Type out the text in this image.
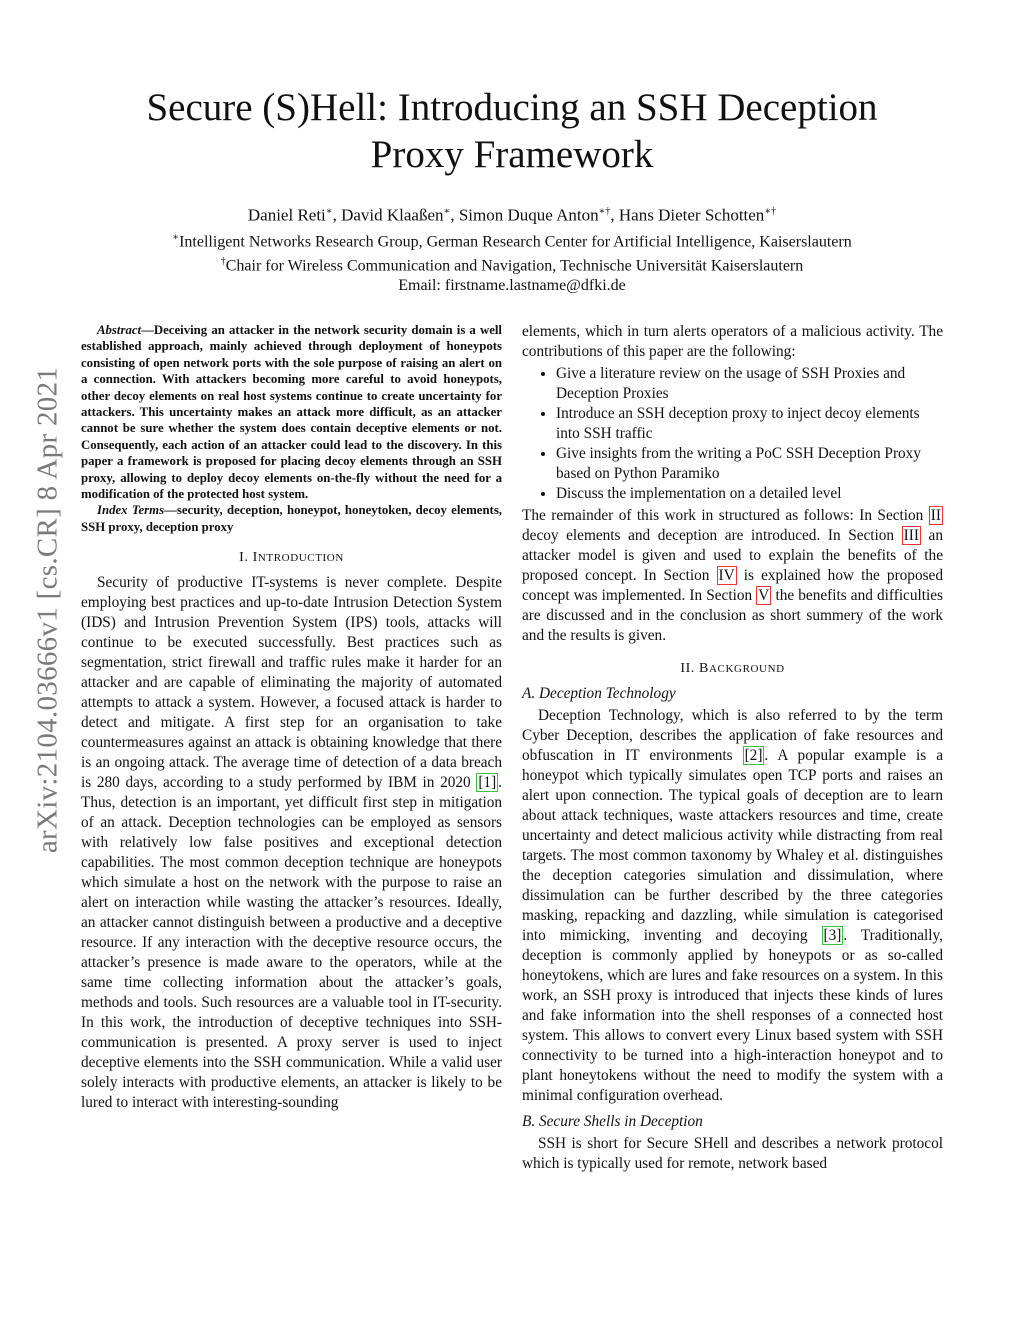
arXiv:2104.03666v1 [cs.CR] 8 Apr 2021
Secure (S)Hell: Introducing an SSH Deception
Proxy Framework
Daniel Reti∗, David Klaaßen∗, Simon Duque Anton∗†, Hans Dieter Schotten∗†
∗Intelligent Networks Research Group, German Research Center for Artificial Intelligence, Kaiserslautern
†Chair for Wireless Communication and Navigation, Technische Universität Kaiserslautern
Email: firstname.lastname@dfki.de

Abstract—Deceiving an attacker in the network security domain is a well established approach, mainly achieved through deployment of honeypots consisting of open network ports with the sole purpose of raising an alert on a connection. With attackers becoming more careful to avoid honeypots, other decoy elements on real host systems continue to create uncertainty for attackers. This uncertainty makes an attack more difficult, as an attacker cannot be sure whether the system does contain deceptive elements or not. Consequently, each action of an attacker could lead to the discovery. In this paper a framework is proposed for placing decoy elements through an SSH proxy, allowing to deploy decoy elements on-the-fly without the need for a modification of the protected host system.

Index Terms—security, deception, honeypot, honeytoken, decoy elements, SSH proxy, deception proxy

I. INTRODUCTION

Security of productive IT-systems is never complete. Despite employing best practices and up-to-date Intrusion Detection System (IDS) and Intrusion Prevention System (IPS) tools, attacks will continue to be executed successfully. Best practices such as segmentation, strict firewall and traffic rules make it harder for an attacker and are capable of eliminating the majority of automated attempts to attack a system. However, a focused attack is harder to detect and mitigate. A first step for an organisation to take countermeasures against an attack is obtaining knowledge that there is an ongoing attack. The average time of detection of a data breach is 280 days, according to a study performed by IBM in 2020 [1] . Thus, detection is an important, yet difficult first step in mitigation of an attack. Deception technologies can be employed as sensors with relatively low false positives and exceptional detection capabilities. The most common deception technique are honeypots which simulate a host on the network with the purpose to raise an alert on interaction while wasting the attacker’s resources. Ideally, an attacker cannot distinguish between a productive and a deceptive resource. If any interaction with the deceptive resource occurs, the attacker’s presence is made aware to the operators, while at the same time collecting information about the attacker’s goals, methods and tools. Such resources are a valuable tool in IT-security. In this work, the introduction of deceptive techniques into SSH-communication is presented. A proxy server is used to inject deceptive elements into the SSH communication. While a valid user solely interacts with productive elements, an attacker is likely to be lured to interact with interesting-sounding

elements, which in turn alerts operators of a malicious activity. The contributions of this paper are the following:

• Give a literature review on the usage of SSH Proxies and Deception Proxies
• Introduce an SSH deception proxy to inject decoy elements into SSH traffic
• Give insights from the writing a PoC SSH Deception Proxy based on Python Paramiko
• Discuss the implementation on a detailed level

The remainder of this work in structured as follows: In Section II decoy elements and deception are introduced. In Section III an attacker model is given and used to explain the benefits of the proposed concept. In Section IV is explained how the proposed concept was implemented. In Section V the benefits and difficulties are discussed and in the conclusion as short summery of the work and the results is given.

II. BACKGROUND
A. Deception Technology

Deception Technology, which is also referred to by the term Cyber Deception, describes the application of fake resources and obfuscation in IT environments [2] . A popular example is a honeypot which typically simulates open TCP ports and raises an alert upon connection. The typical goals of deception are to learn about attack techniques, waste attackers resources and time, create uncertainty and detect malicious activity while distracting from real targets. The most common taxonomy by Whaley et al. distinguishes the deception categories simulation and dissimulation, where dissimulation can be further described by the three categories masking, repacking and dazzling, while simulation is categorised into mimicking, inventing and decoying [3] . Traditionally, deception is commonly applied by honeypots or as so-called honeytokens, which are lures and fake resources on a system. In this work, an SSH proxy is introduced that injects these kinds of lures and fake information into the shell responses of a connected host system. This allows to convert every Linux based system with SSH connectivity to be turned into a high-interaction honeypot and to plant honeytokens without the need to modify the system with a minimal configuration overhead.

B. Secure Shells in Deception

SSH is short for Secure SHell and describes a network protocol which is typically used for remote, network based
